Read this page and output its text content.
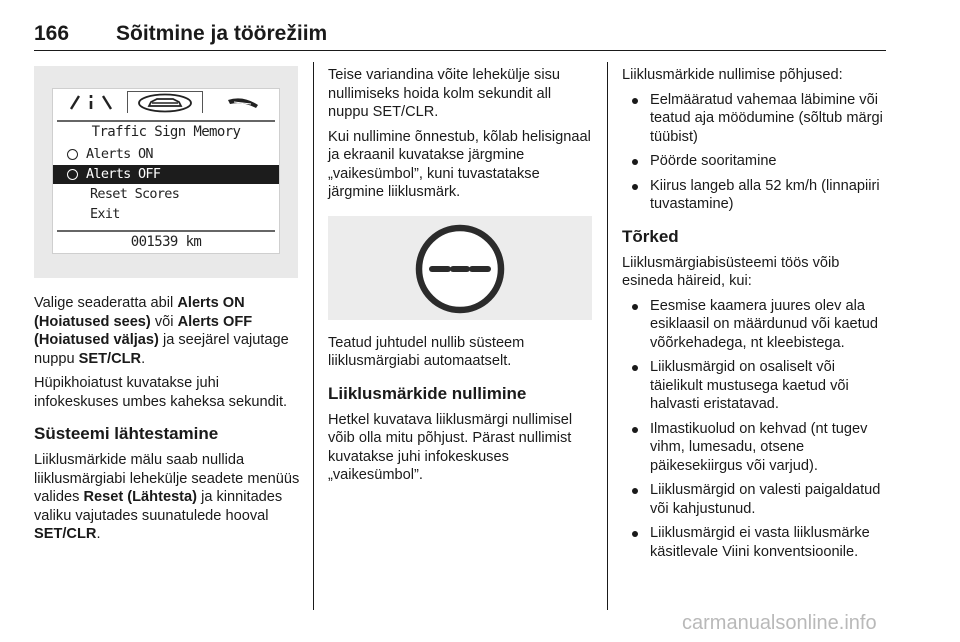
166 Sõitmine ja töörežiim
Traffic Sign Memory
Alerts ON
Alerts OFF
Reset Scores
Exit
001539 km

Valige seaderatta abil Alerts ON (Hoiatused sees) või Alerts OFF (Hoiatused väljas) ja seejärel vajutage nuppu SET/CLR.

Hüpikhoiatust kuvatakse juhi infokeskuses umbes kaheksa sekundit.

Süsteemi lähtestamine

Liiklusmärkide mälu saab nullida liiklusmärgiabi lehekülje seadete menüüs valides Reset (Lähtesta) ja kinnitades valiku vajutades suunatulede hooval SET/CLR.

Teise variandina võite lehekülje sisu nullimiseks hoida kolm sekundit all nuppu SET/CLR.

Kui nullimine õnnestub, kõlab helisignaal ja ekraanil kuvatakse järgmine „vaikesümbol”, kuni tuvastatakse järgmine liiklusmärk.

Teatud juhtudel nullib süsteem liiklusmärgiabi automaatselt.

Liiklusmärkide nullimine

Hetkel kuvatava liiklusmärgi nullimisel võib olla mitu põhjust. Pärast nullimist kuvatakse juhi infokeskuses „vaikesümbol”.

Liiklusmärkide nullimise põhjused:

Eelmääratud vahemaa läbimine või teatud aja möödumine (sõltub märgi tüübist)
Pöörde sooritamine
Kiirus langeb alla 52 km/h (linnapiiri tuvastamine)
Tõrked

Liiklusmärgiabisüsteemi töös võib esineda häireid, kui:

Eesmise kaamera juures olev ala esiklaasil on määrdunud või kaetud võõrkehadega, nt kleebistega.
Liiklusmärgid on osaliselt või täielikult mustusega kaetud või halvasti eristatavad.
Ilmastikuolud on kehvad (nt tugev vihm, lumesadu, otsene päikesekiirgus või varjud).
Liiklusmärgid on valesti paigaldatud või kahjustunud.
Liiklusmärgid ei vasta liiklusmärke käsitlevale Viini konventsioonile.
carmanualsonline.info
